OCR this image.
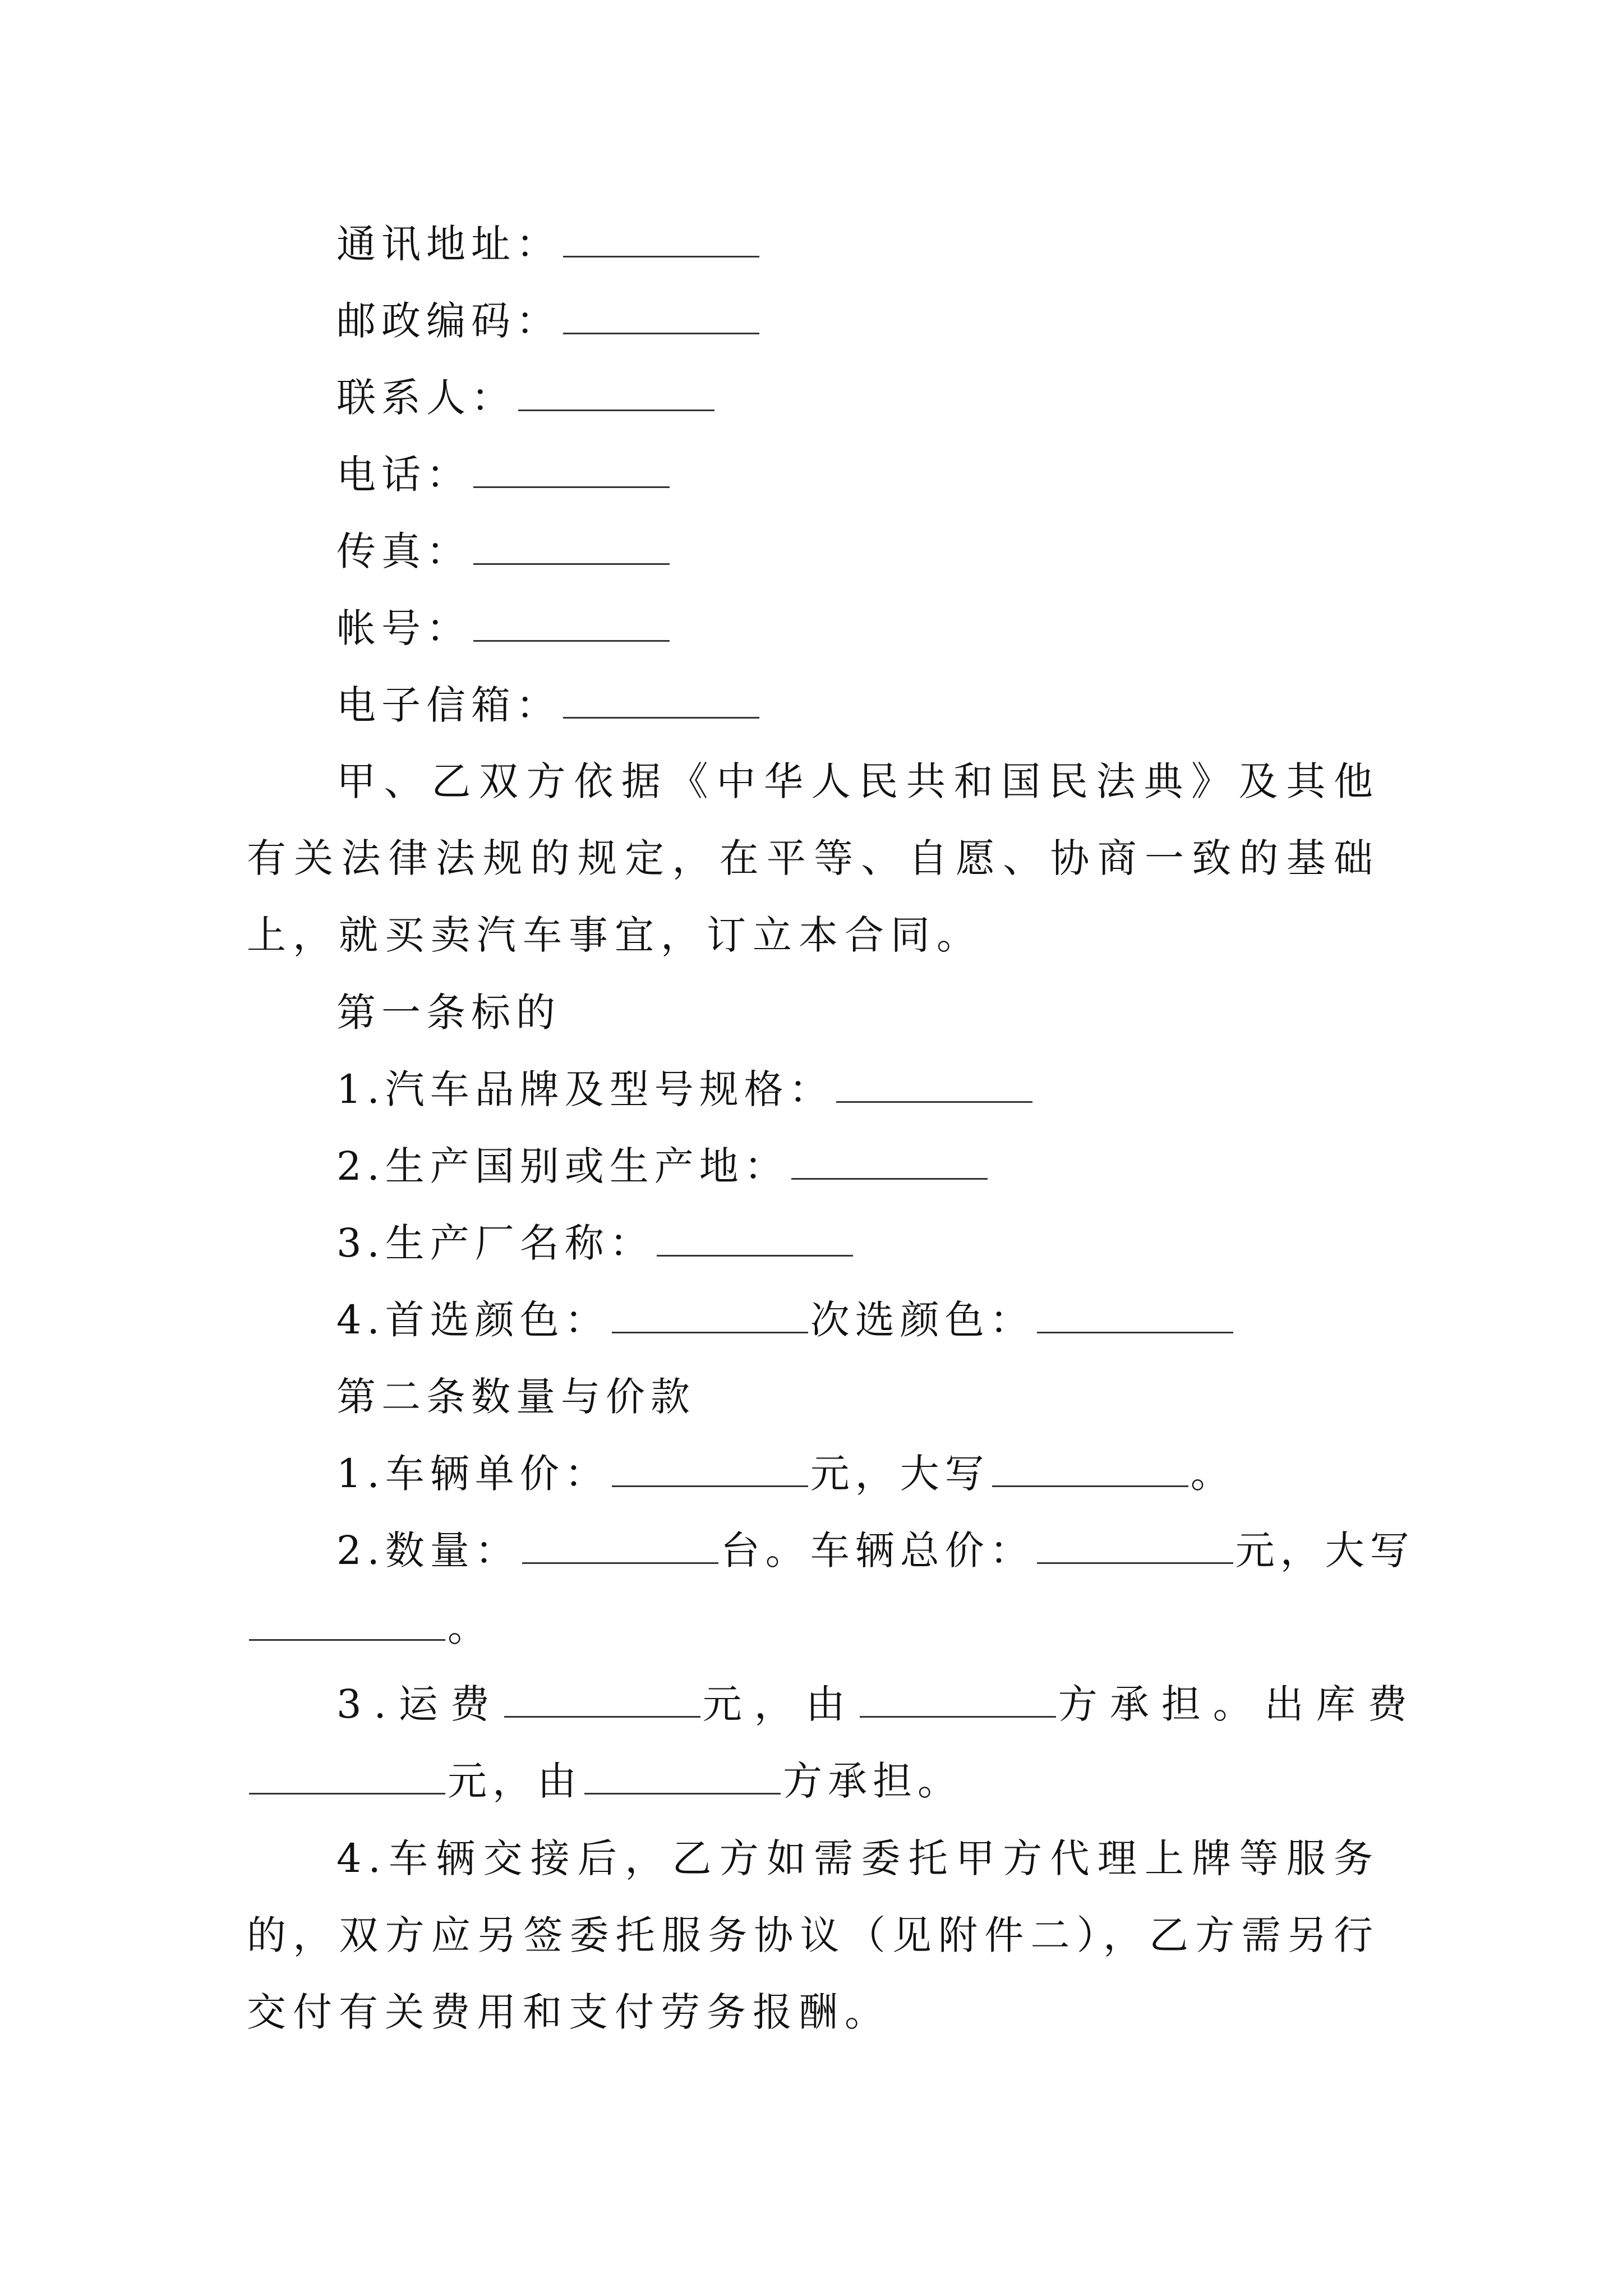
通讯地址：
邮政编码：
联系人：
电话：
传真：
帐号：
电子信箱：
甲、乙双方依据《中华人民共和国民法典》及其他有关法律法规的规定，在平等、自愿、协商一致的基础上，就买卖汽车事宜，订立本合同。
第一条标的
1.汽车品牌及型号规格：
2.生产国别或生产地：
3.生产厂名称：
4.首选颜色：	次选颜色：
第二条数量与价款
1.车辆单价：	元，大写	。
2.数量：	台。车辆总价：	元，大写
。
3.运费	元，由	方承担。出库费
元，由	方承担。
4.车辆交接后，乙方如需委托甲方代理上牌等服务的，双方应另签委托服务协议（见附件二），乙方需另行交付有关费用和支付劳务报酬。
